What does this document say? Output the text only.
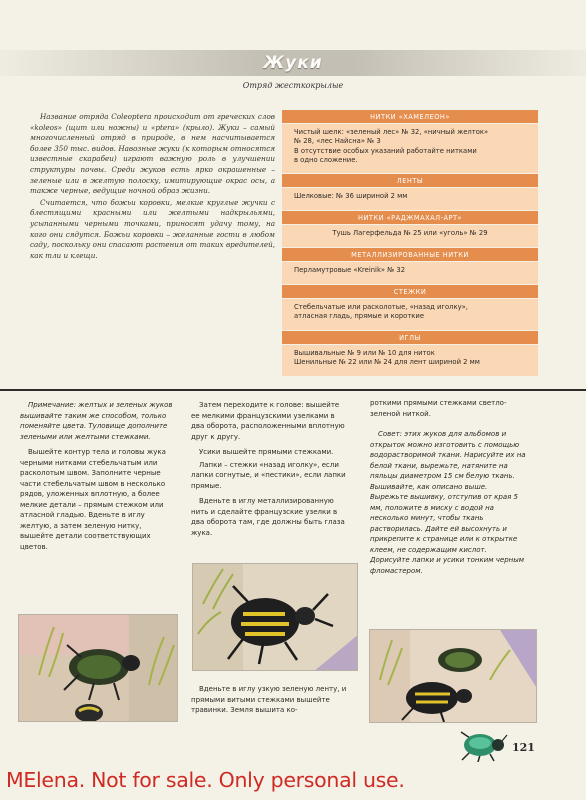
Жуки
Отряд жесткокрылые

Название отряда Coleoptera происходит от греческих слов «koleos» (щит или ножны) и «ptera» (крыло). Жуки – самый многочисленный отряд в природе, в нем насчитывается более 350 тыс. видов. Навозные жуки (к которым относятся известные скарабеи) играют важную роль в улучшении структуры почвы. Среди жуков есть ярко окрашенные – зеленые или в желтую полоску, имитирующие окрас осы, а также черные, ведущие ночной образ жизни.

Считается, что божьи коровки, мелкие круглые жучки с блестящими красными или желтыми надкрыльями, усыпанными черными точками, приносят удачу тому, на кого они сядутся. Божьи коровки – желанные гости в любом саду, поскольку они спасают растения от таких вредителей, как тли и клещи.

НИТКИ «ХАМЕЛЕОН»
Чистый шелк: «зеленый лес» № 32, «ничный желток»
№ 28, «лес Найсна» № 3
В отсутствие особых указаний работайте нитками
в одно сложение.
ЛЕНТЫ
Шелковые: № 36 шириной 2 мм
НИТКИ «РАДЖМАХАЛ-АРТ»
Тушь Лагерфельда № 25 или «уголь» № 29
МЕТАЛЛИЗИРОВАННЫЕ НИТКИ
Перламутровые «Kreinik» № 32
СТЕЖКИ
Стебельчатые или расколотые, «назад иголку»,
атласная гладь, прямые и короткие
ИГЛЫ
Вышивальные № 9 или № 10 для ниток
Шенильные № 22 или № 24 для лент шириной 2 мм

Примечание: желтых и зеленых жуков вышивайте таким же способом, только поменяйте цвета. Туловище дополните зелеными или желтыми стежками.

Вышейте контур тела и головы жука черными нитками стебельчатым или расколотым швом. Заполните черные части стебельчатым швом в несколько рядов, уложенных вплотную, а более мелкие детали – прямым стежком или атласной гладью. Вденьте в иглу желтую, а затем зеленую нитку, вышейте детали соответствующих цветов.

Затем переходите к голове: вышейте ее мелкими французскими узелками в два оборота, расположенными вплотную друг к другу.

Усики вышейте прямыми стежками.

Лапки – стежки «назад иголку», если лапки согнутые, и «пестики», если лапки прямые.

Вденьте в иглу металлизированную нить и сделайте французские узелки в два оборота там, где должны быть глаза жука.

Вденьте в иглу узкую зеленую ленту, и прямыми витыми стежками вышейте травинки. Земля вышита ко-

роткими прямыми стежками светло-зеленой ниткой.

Совет: этих жуков для альбомов и открыток можно изготовить с помощью водорастворимой ткани. Нарисуйте их на белой ткани, вырежьте, натяните на пяльцы диаметром 15 см белую ткань. Вышивайте, как описано выше. Вырежьте вышивку, отступив от края 5 мм, положите в миску с водой на несколько минут, чтобы ткань растворилась. Дайте ей высохнуть и прикрепите к странице или к открытке клеем, не содержащим кислот. Дорисуйте лапки и усики тонким черным фломастером.

121
MElena. Not for sale. Only personal use.
